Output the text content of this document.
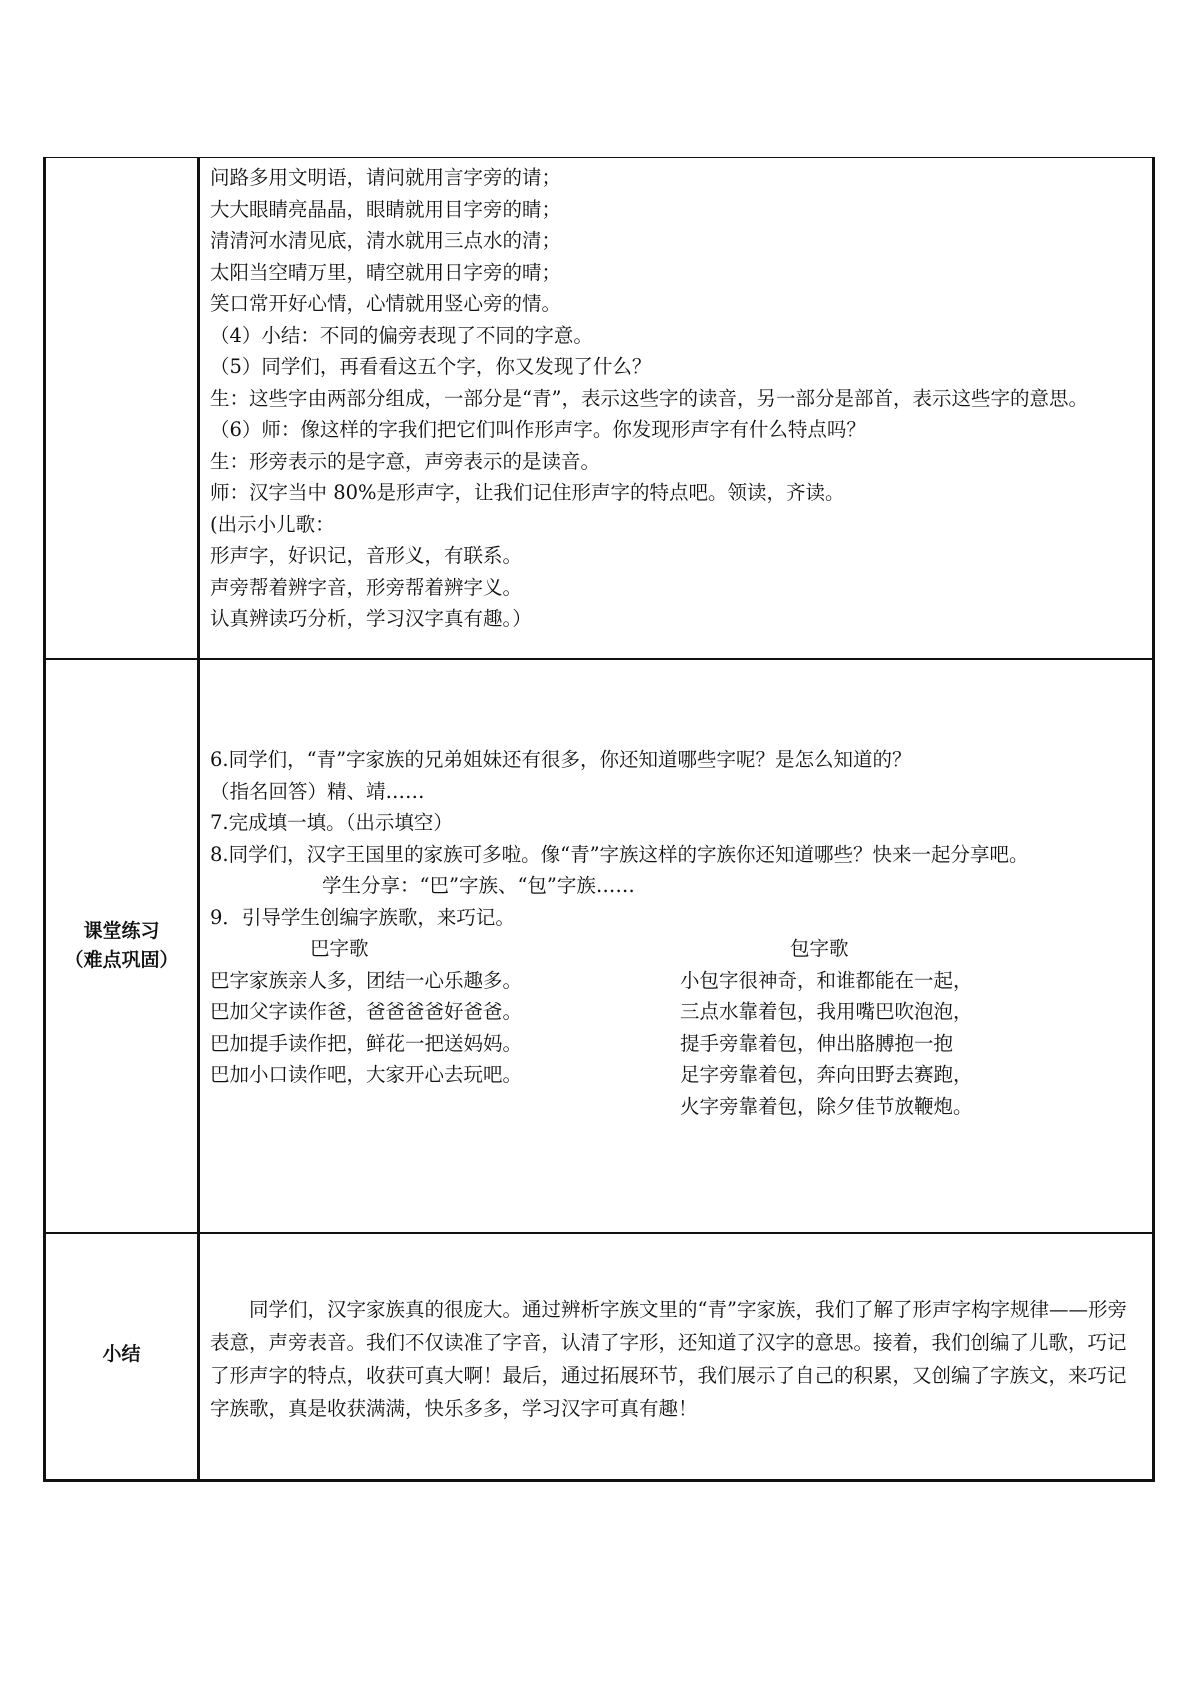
问路多用文明语，请问就用言字旁的请；

大大眼睛亮晶晶，眼睛就用目字旁的睛；

清清河水清见底，清水就用三点水的清；

太阳当空晴万里，晴空就用日字旁的晴；

笑口常开好心情，心情就用竖心旁的情。

（4）小结：不同的偏旁表现了不同的字意。

（5）同学们，再看看这五个字，你又发现了什么？

生：这些字由两部分组成，一部分是“青”，表示这些字的读音，另一部分是部首，表示这些字的意思。

（6）师：像这样的字我们把它们叫作形声字。你发现形声字有什么特点吗？

生：形旁表示的是字意，声旁表示的是读音。

师：汉字当中 80%是形声字，让我们记住形声字的特点吧。领读，齐读。

(出示小儿歌：

形声字，好识记，音形义，有联系。

声旁帮着辨字音，形旁帮着辨字义。

认真辨读巧分析，学习汉字真有趣。）

课堂练习
（难点巩固）

6.同学们，“青”字家族的兄弟姐妹还有很多，你还知道哪些字呢？是怎么知道的？

（指名回答）精、靖……

7.完成填一填。（出示填空）

8.同学们，汉字王国里的家族可多啦。像“青”字族这样的字族你还知道哪些？快来一起分享吧。

学生分享：“巴”字族、“包”字族……

9．引导学生创编字族歌，来巧记。

巴字歌

巴字家族亲人多，团结一心乐趣多。

巴加父字读作爸，爸爸爸爸好爸爸。

巴加提手读作把，鲜花一把送妈妈。

巴加小口读作吧，大家开心去玩吧。

包字歌

小包字很神奇，和谁都能在一起，

三点水靠着包，我用嘴巴吹泡泡，

提手旁靠着包，伸出胳膊抱一抱

足字旁靠着包，奔向田野去赛跑，

火字旁靠着包，除夕佳节放鞭炮。

小结

同学们，汉字家族真的很庞大。通过辨析字族文里的“青”字家族，我们了解了形声字构字规律——形旁表意，声旁表音。我们不仅读准了字音，认清了字形，还知道了汉字的意思。接着，我们创编了儿歌，巧记了形声字的特点，收获可真大啊！最后，通过拓展环节，我们展示了自己的积累，又创编了字族文，来巧记字族歌，真是收获满满，快乐多多，学习汉字可真有趣！
